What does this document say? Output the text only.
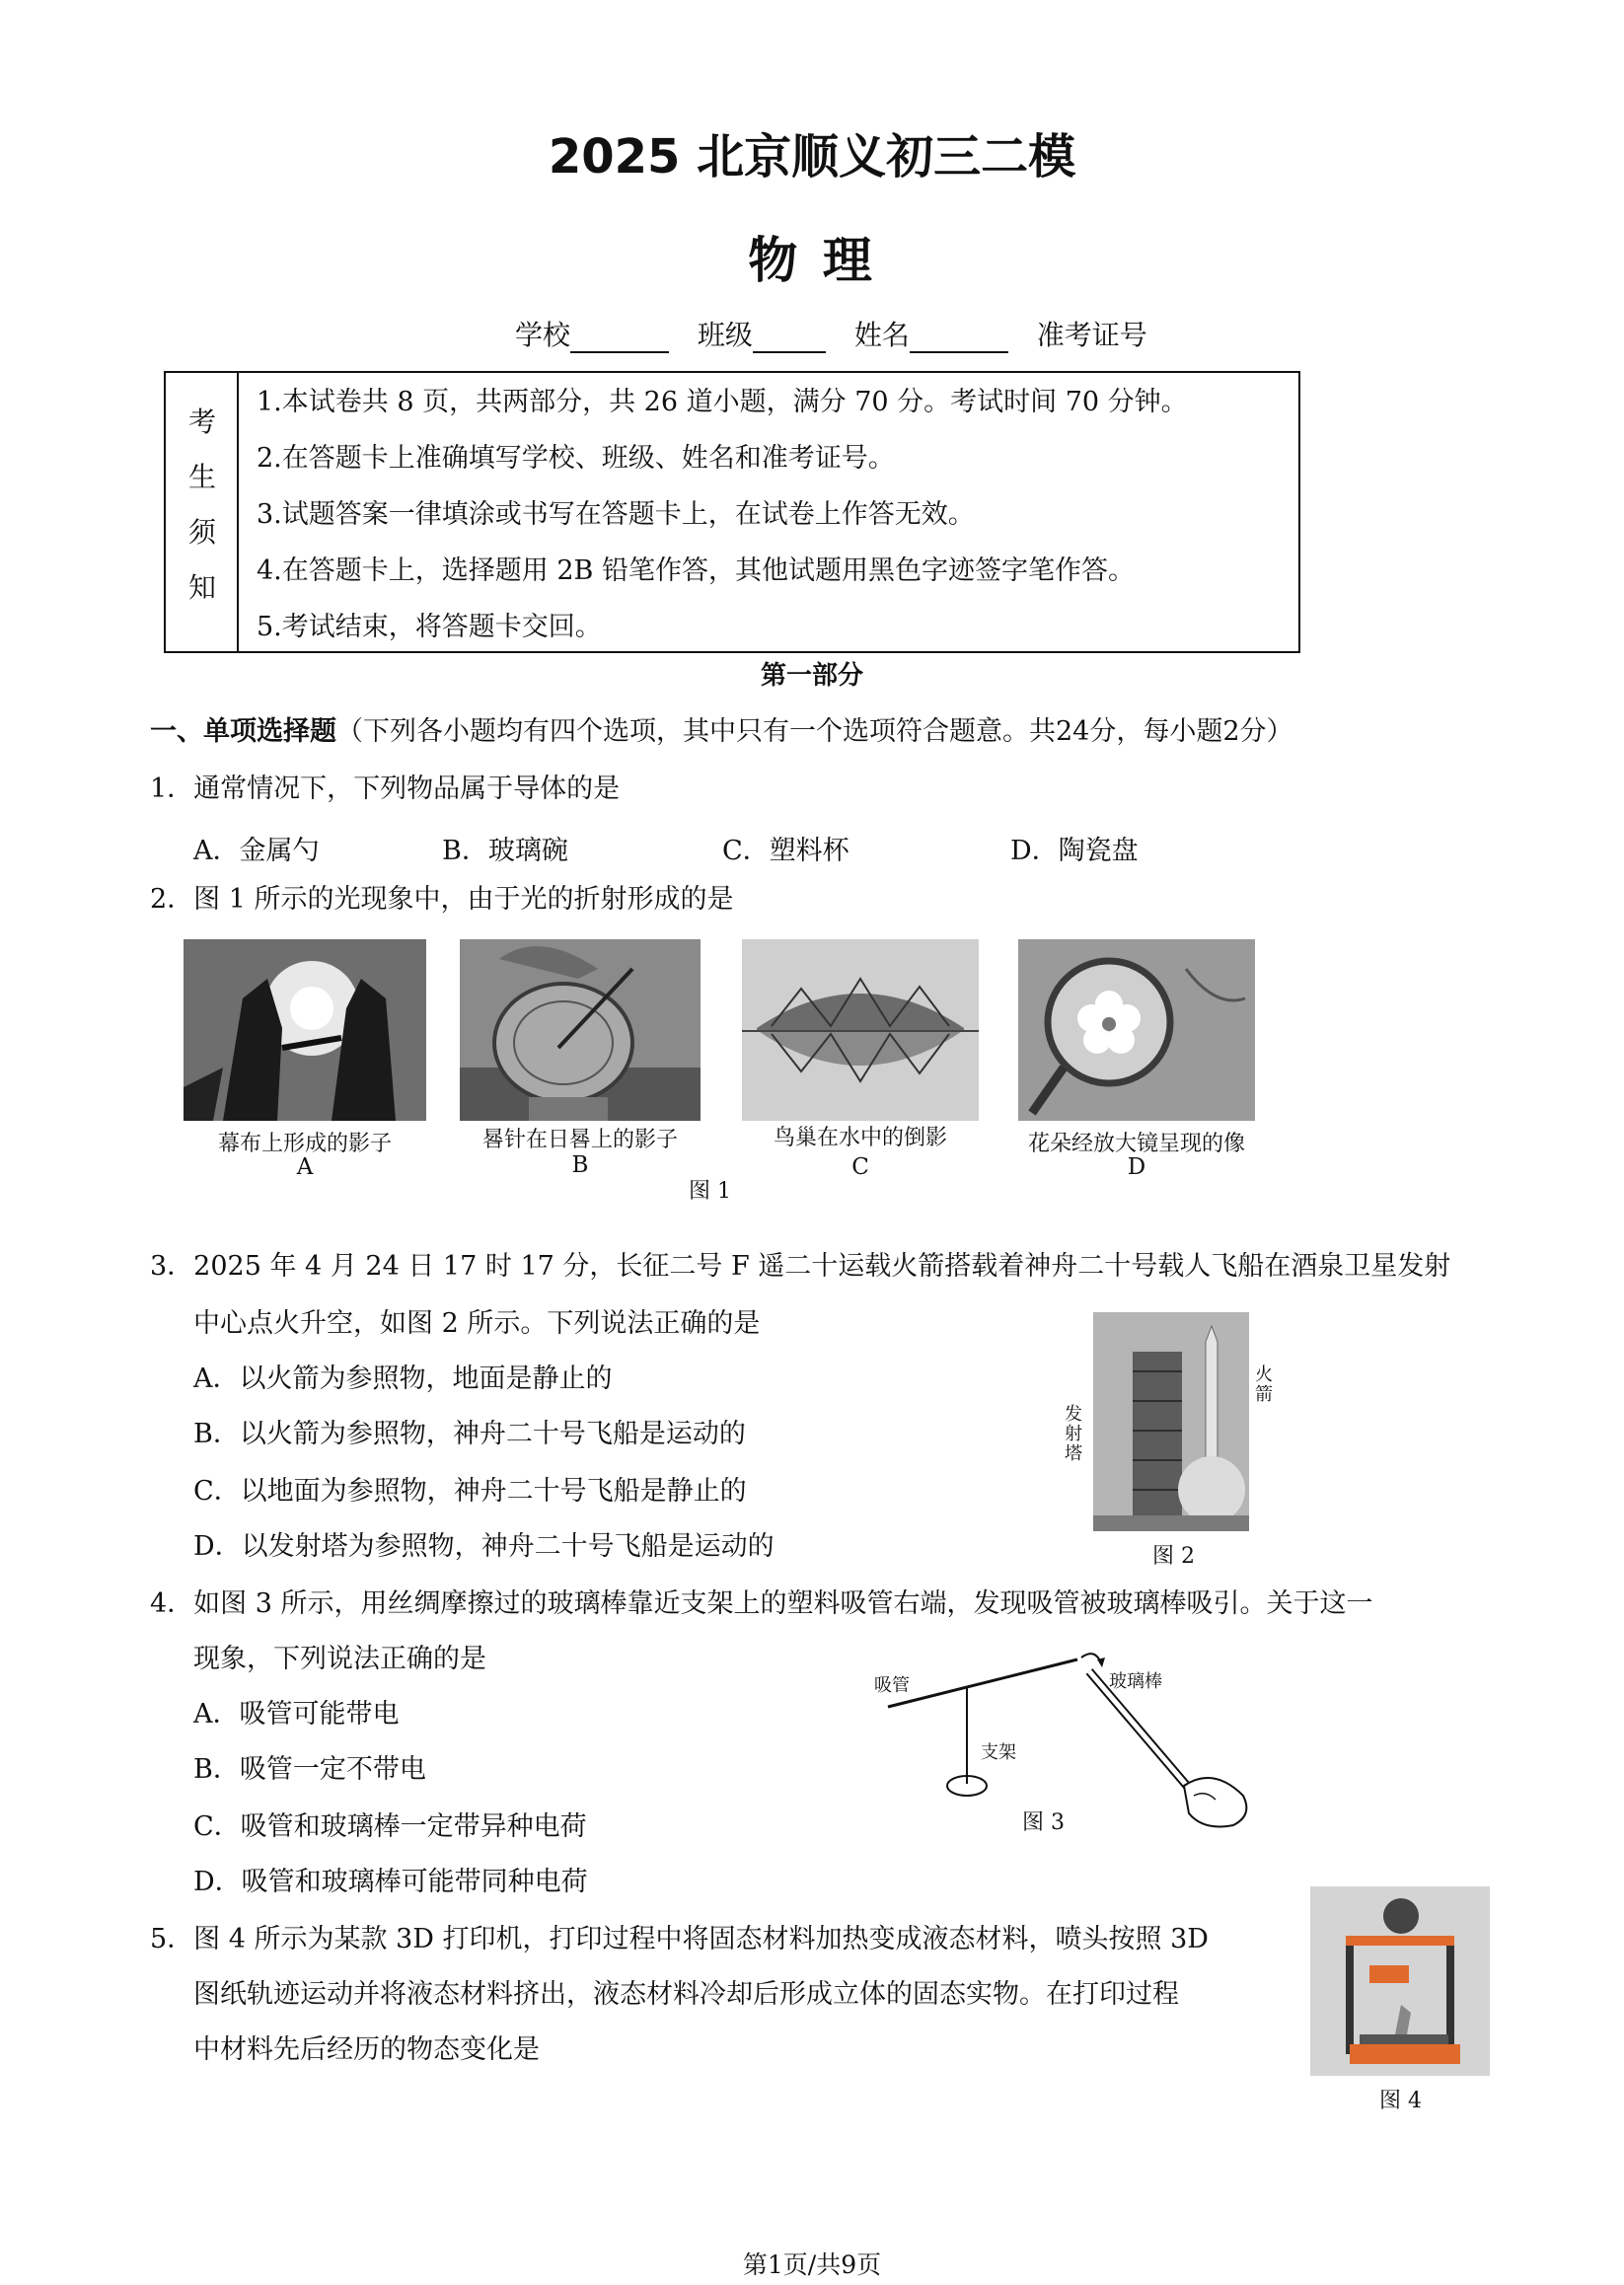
2025 北京顺义初三二模
物 理
学校	班级	姓名	准考证号
考
生
须
知
1.本试卷共 8 页，共两部分，共 26 道小题，满分 70 分。考试时间 70 分钟。
2.在答题卡上准确填写学校、班级、姓名和准考证号。
3.试题答案一律填涂或书写在答题卡上，在试卷上作答无效。
4.在答题卡上，选择题用 2B 铅笔作答，其他试题用黑色字迹签字笔作答。
5.考试结束，将答题卡交回。
第一部分
一、单项选择题（下列各小题均有四个选项，其中只有一个选项符合题意。共24分，每小题2分）
1．通常情况下，下列物品属于导体的是
A．金属勺	B．玻璃碗	C．塑料杯	D．陶瓷盘
2．图 1 所示的光现象中，由于光的折射形成的是
幕布上形成的影子	晷针在日晷上的影子	鸟巢在水中的倒影	花朵经放大镜呈现的像
A	B	C	D
图 1
3．2025 年 4 月 24 日 17 时 17 分，长征二号 F 遥二十运载火箭搭载着神舟二十号载人飞船在酒泉卫星发射
中心点火升空，如图 2 所示。下列说法正确的是
A．以火箭为参照物，地面是静止的
B．以火箭为参照物，神舟二十号飞船是运动的
C．以地面为参照物，神舟二十号飞船是静止的
D．以发射塔为参照物，神舟二十号飞船是运动的
发射塔
火箭
图 2
4．如图 3 所示，用丝绸摩擦过的玻璃棒靠近支架上的塑料吸管右端，发现吸管被玻璃棒吸引。关于这一
现象，下列说法正确的是
A．吸管可能带电
B．吸管一定不带电
C．吸管和玻璃棒一定带异种电荷
D．吸管和玻璃棒可能带同种电荷
吸管	玻璃棒
支架
图 3
5．图 4 所示为某款 3D 打印机，打印过程中将固态材料加热变成液态材料，喷头按照 3D
图纸轨迹运动并将液态材料挤出，液态材料冷却后形成立体的固态实物。在打印过程
中材料先后经历的物态变化是
图 4
第1页/共9页
